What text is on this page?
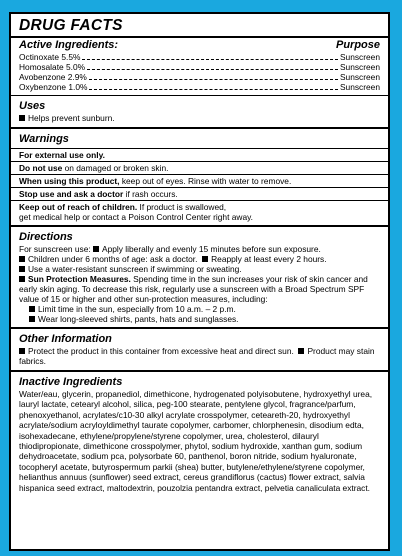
DRUG FACTS
Active Ingredients:	Purpose
Octinoxate 5.5%	Sunscreen
Homosalate 5.0%	Sunscreen
Avobenzone 2.9%	Sunscreen
Oxybenzone 1.0%	Sunscreen
Uses
Helps prevent sunburn.
Warnings
For external use only.
Do not use on damaged or broken skin.
When using this product, keep out of eyes. Rinse with water to remove.
Stop use and ask a doctor if rash occurs.
Keep out of reach of children. If product is swallowed,
get medical help or contact a Poison Control Center right away.
Directions
For sunscreen use: Apply liberally and evenly 15 minutes before sun exposure.
Children under 6 months of age: ask a doctor. Reapply at least every 2 hours.
Use a water-resistant sunscreen if swimming or sweating.
Sun Protection Measures. Spending time in the sun increases your risk of skin cancer and early skin aging. To decrease this risk, regularly use a sunscreen with a Broad Spectrum SPF value of 15 or higher and other sun-protection measures, including:
Limit time in the sun, especially from 10 a.m. – 2 p.m.
Wear long-sleeved shirts, pants, hats and sunglasses.
Other Information
Protect the product in this container from excessive heat and direct sun. Product may stain fabrics.
Inactive Ingredients
Water/eau, glycerin, propanediol, dimethicone, hydrogenated polyisobutene, hydroxyethyl urea, lauryl lactate, cetearyl alcohol, silica, peg-100 stearate, pentylene glycol, fragrance/parfum, phenoxyethanol, acrylates/c10-30 alkyl acrylate crosspolymer, ceteareth-20, hydroxyethyl acrylate/sodium acryloyldimethyl taurate copolymer, carbomer, chlorphenesin, disodium edta, isohexadecane, ethylene/propylene/styrene copolymer, urea, cholesterol, dilauryl thiodipropionate, dimethicone crosspolymer, phytol, sodium hydroxide, xanthan gum, sodium dehydroacetate, sodium pca, polysorbate 60, panthenol, boron nitride, sodium hyaluronate, tocopheryl acetate, butyrospermum parkii (shea) butter, butylene/ethylene/styrene copolymer, helianthus annuus (sunflower) seed extract, cereus grandiflorus (cactus) flower extract, salvia hispanica seed extract, maltodextrin, pouzolzia pentandra extract, pelvetia canaliculata extract.
